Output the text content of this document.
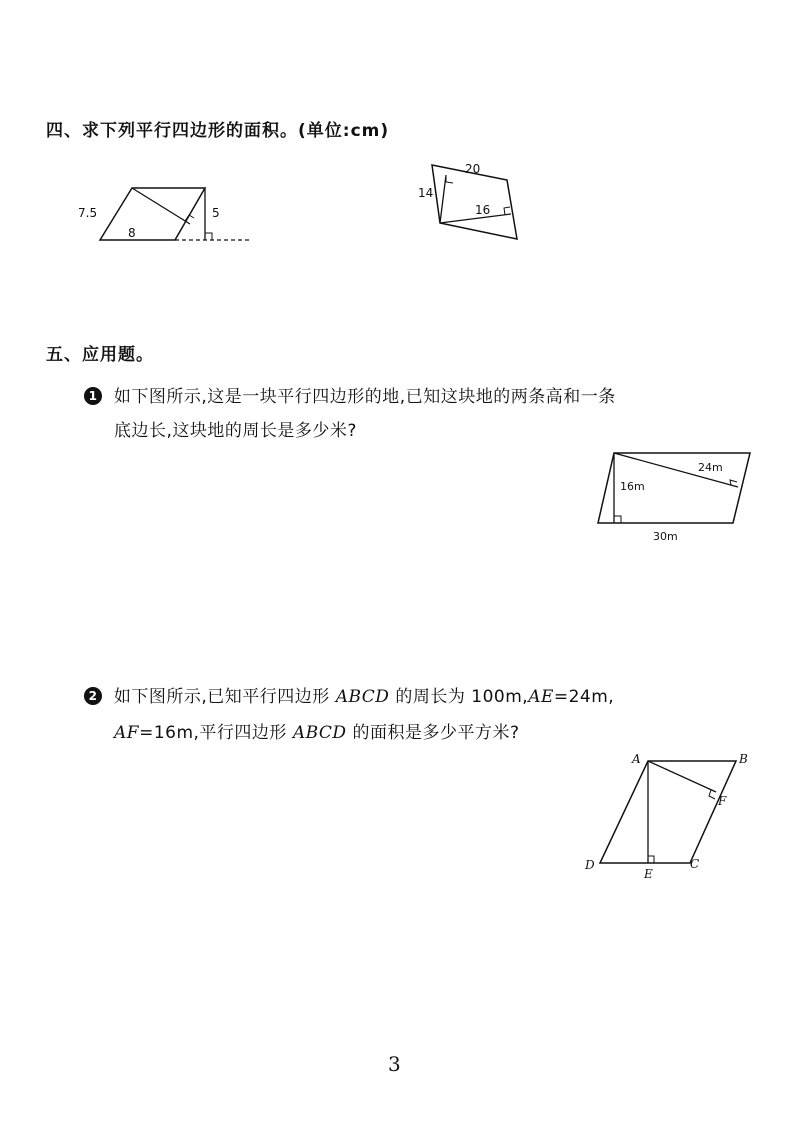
四、求下列平行四边形的面积。(单位:cm)
7.5
8
5
14
20
16
五、应用题。
1 如下图所示,这是一块平行四边形的地,已知这块地的两条高和一条
底边长,这块地的周长是多少米?
16m
24m
30m
2 如下图所示,已知平行四边形 ABCD 的周长为 100m,AE=24m,
AF=16m,平行四边形 ABCD 的面积是多少平方米?
A	B
C
D
E
F
3
